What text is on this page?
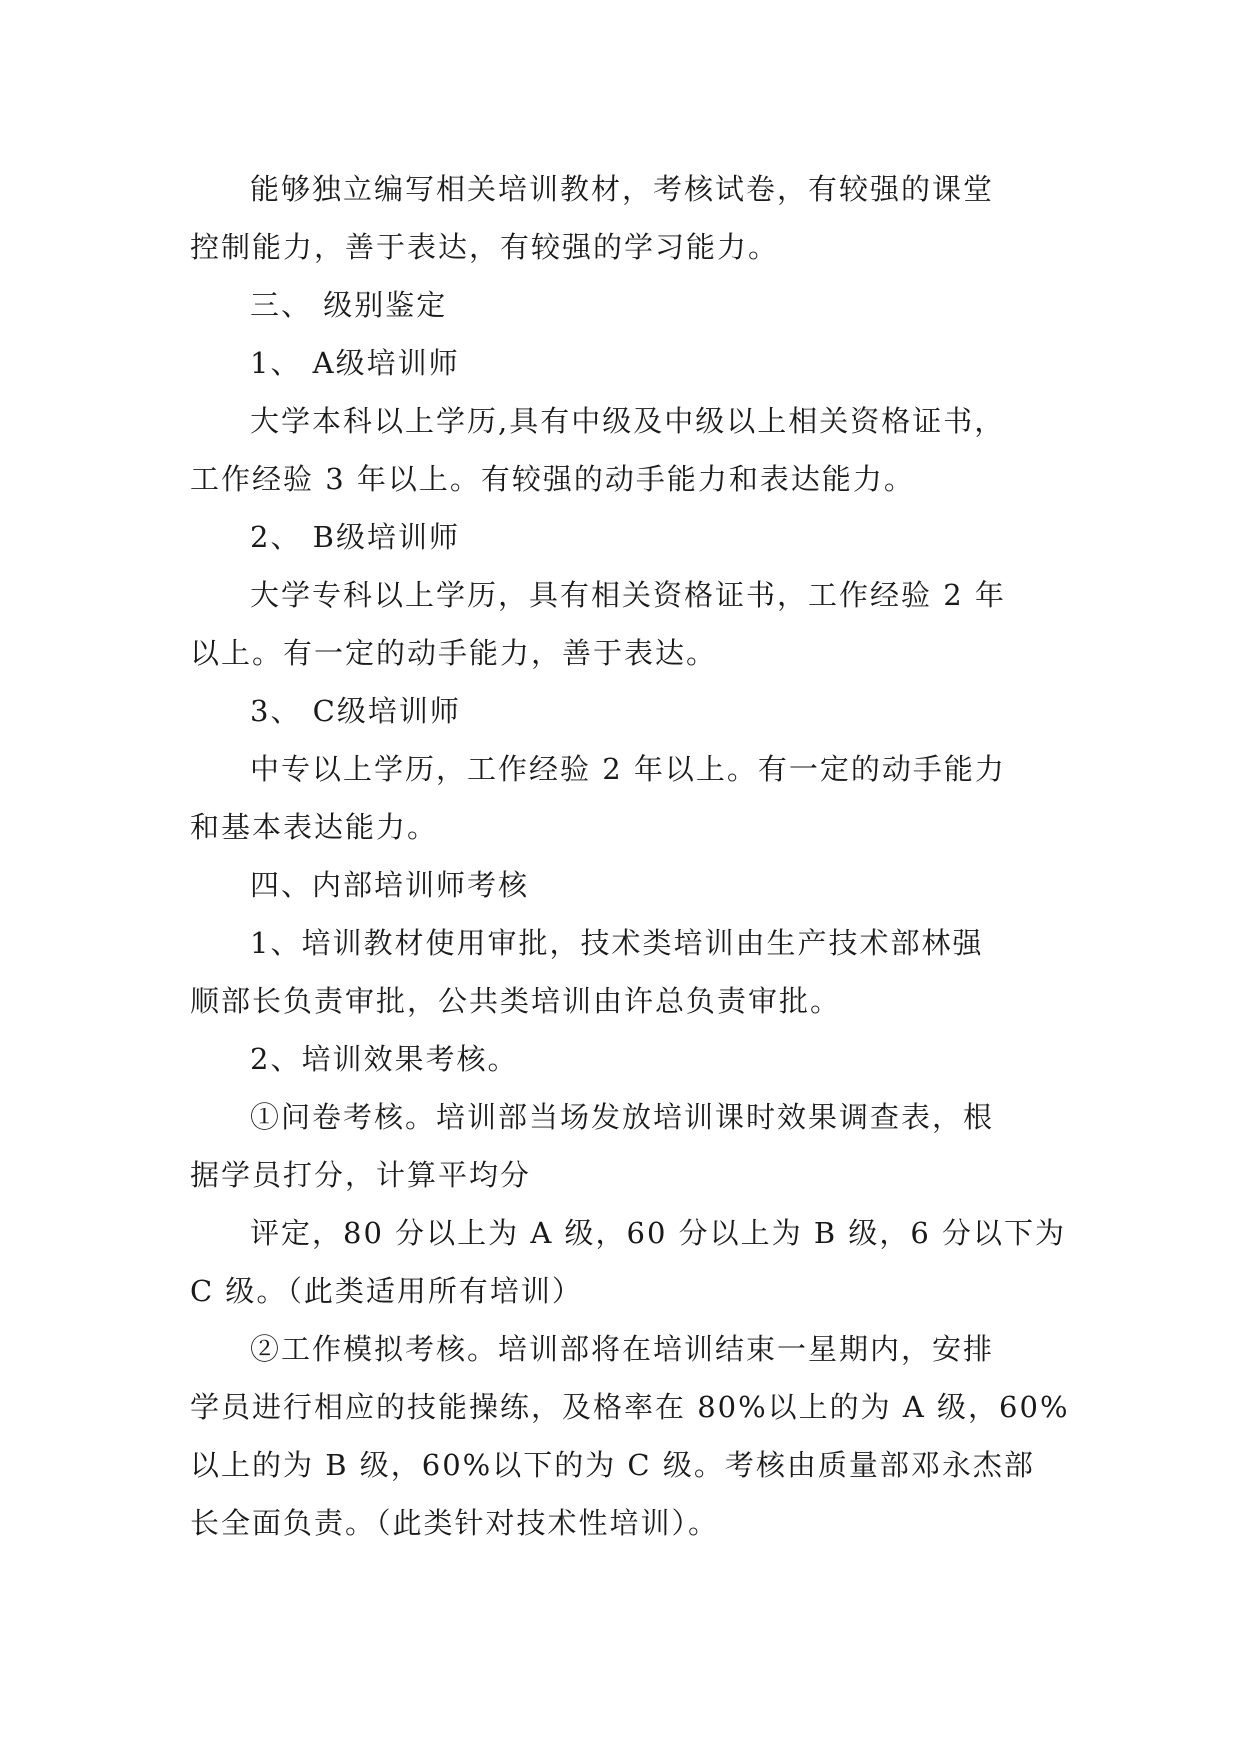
能够独立编写相关培训教材，考核试卷，有较强的课堂
控制能力，善于表达，有较强的学习能力。
三、 级别鉴定
1、 A级培训师
大学本科以上学历,具有中级及中级以上相关资格证书，
工作经验 3 年以上。有较强的动手能力和表达能力。
2、 B级培训师
大学专科以上学历，具有相关资格证书，工作经验 2 年
以上。有一定的动手能力，善于表达。
3、 C级培训师
中专以上学历，工作经验 2 年以上。有一定的动手能力
和基本表达能力。
四、内部培训师考核
1、培训教材使用审批，技术类培训由生产技术部林强
顺部长负责审批，公共类培训由许总负责审批。
2、培训效果考核。
①问卷考核。培训部当场发放培训课时效果调查表，根
据学员打分，计算平均分
评定，80 分以上为 A 级，60 分以上为 B 级，6 分以下为
C 级。（此类适用所有培训）
②工作模拟考核。培训部将在培训结束一星期内，安排
学员进行相应的技能操练，及格率在 80%以上的为 A 级，60%
以上的为 B 级，60%以下的为 C 级。考核由质量部邓永杰部
长全面负责。（此类针对技术性培训）。
